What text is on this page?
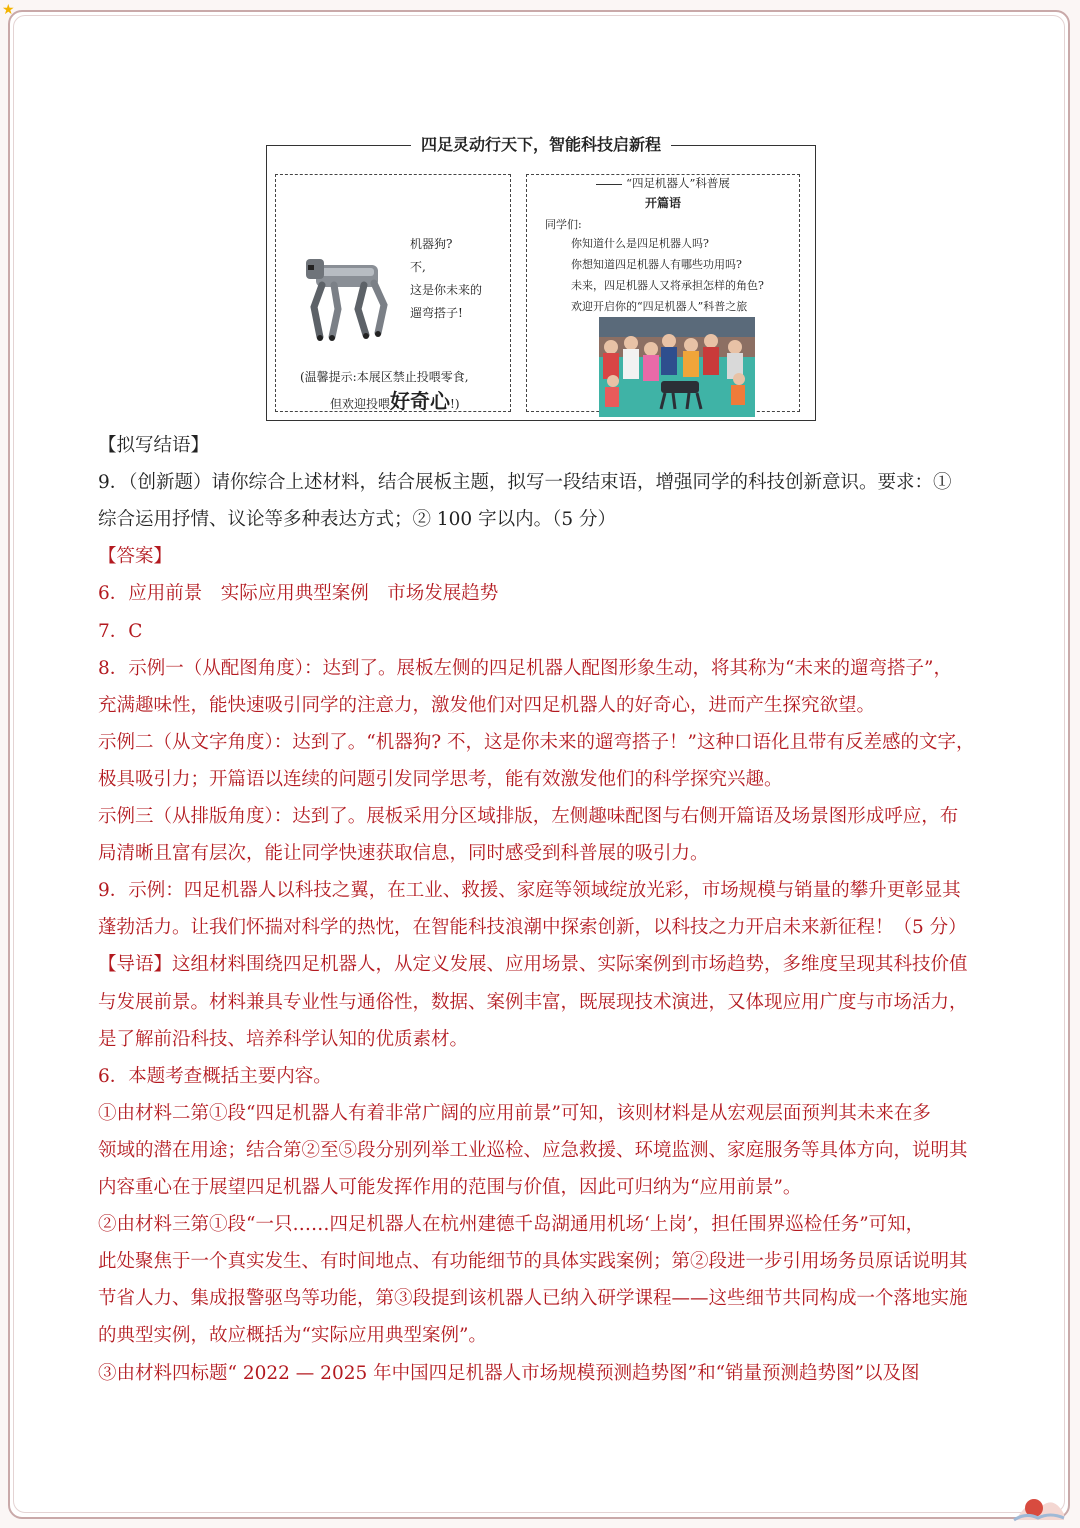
★
四足灵动行天下，智能科技启新程
机器狗?
不,
这是你未来的
遛弯搭子!
(温馨提示:本展区禁止投喂零食,
但欢迎投喂好奇心!)
“四足机器人”科普展
开篇语
同学们:
你知道什么是四足机器人吗?
你想知道四足机器人有哪些功用吗?
未来，四足机器人又将承担怎样的角色?
欢迎开启你的“四足机器人”科普之旅
【拟写结语】
9．（创新题）请你综合上述材料，结合展板主题，拟写一段结束语，增强同学的科技创新意识。要求：①
综合运用抒情、议论等多种表达方式；② 100 字以内。（5 分）
【答案】
6．应用前景　实际应用典型案例　市场发展趋势
7．C
8．示例一（从配图角度）：达到了。展板左侧的四足机器人配图形象生动，将其称为“未来的遛弯搭子”，
充满趣味性，能快速吸引同学的注意力，激发他们对四足机器人的好奇心，进而产生探究欲望。
示例二（从文字角度）：达到了。“机器狗? 不，这是你未来的遛弯搭子！”这种口语化且带有反差感的文字，
极具吸引力；开篇语以连续的问题引发同学思考，能有效激发他们的科学探究兴趣。
示例三（从排版角度）：达到了。展板采用分区域排版，左侧趣味配图与右侧开篇语及场景图形成呼应，布
局清晰且富有层次，能让同学快速获取信息，同时感受到科普展的吸引力。
9．示例：四足机器人以科技之翼，在工业、救援、家庭等领域绽放光彩，市场规模与销量的攀升更彰显其
蓬勃活力。让我们怀揣对科学的热忱，在智能科技浪潮中探索创新，以科技之力开启未来新征程！（5 分）
【导语】这组材料围绕四足机器人，从定义发展、应用场景、实际案例到市场趋势，多维度呈现其科技价值
与发展前景。材料兼具专业性与通俗性，数据、案例丰富，既展现技术演进，又体现应用广度与市场活力，
是了解前沿科技、培养科学认知的优质素材。
6．本题考查概括主要内容。
①由材料二第①段“四足机器人有着非常广阔的应用前景”可知，该则材料是从宏观层面预判其未来在多
领域的潜在用途；结合第②至⑤段分别列举工业巡检、应急救援、环境监测、家庭服务等具体方向，说明其
内容重心在于展望四足机器人可能发挥作用的范围与价值，因此可归纳为“应用前景”。
②由材料三第①段“一只……四足机器人在杭州建德千岛湖通用机场‘上岗’，担任围界巡检任务”可知，
此处聚焦于一个真实发生、有时间地点、有功能细节的具体实践案例；第②段进一步引用场务员原话说明其
节省人力、集成报警驱鸟等功能，第③段提到该机器人已纳入研学课程——这些细节共同构成一个落地实施
的典型实例，故应概括为“实际应用典型案例”。
③由材料四标题“ 2022 — 2025 年中国四足机器人市场规模预测趋势图”和“销量预测趋势图”以及图
